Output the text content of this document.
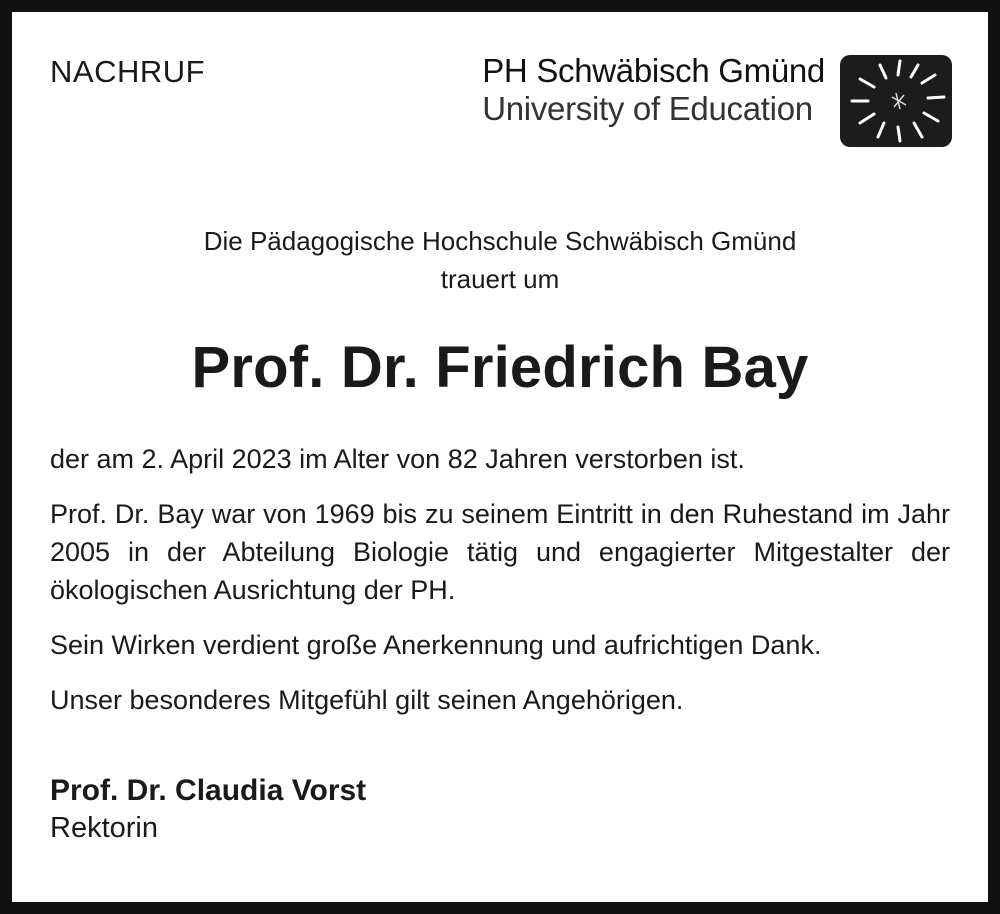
NACHRUF	PH Schwäbisch Gmünd
University of Education
Die Pädagogische Hochschule Schwäbisch Gmünd
trauert um
Prof. Dr. Friedrich Bay

der am 2. April 2023 im Alter von 82 Jahren verstorben ist.

Prof. Dr. Bay war von 1969 bis zu seinem Eintritt in den Ruhestand im Jahr 2005 in der Abteilung Biologie tätig und engagierter Mitgestalter der ökologischen Ausrichtung der PH.

Sein Wirken verdient große Anerkennung und aufrichtigen Dank.

Unser besonderes Mitgefühl gilt seinen Angehörigen.

Prof. Dr. Claudia Vorst
Rektorin
